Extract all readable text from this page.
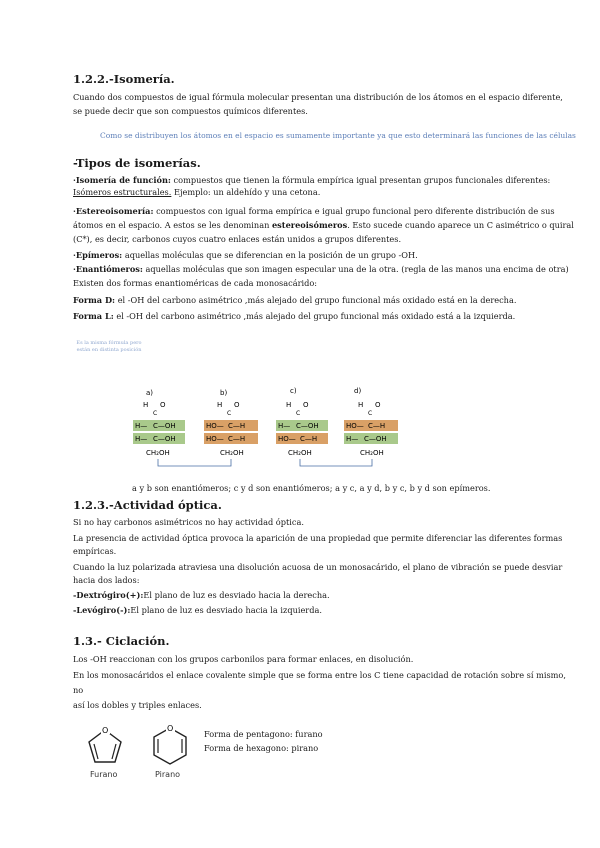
1.2.2.-Isomería.

Cuando dos compuestos de igual fórmula molecular presentan una distribución de los átomos en el espacio diferente,

se puede decir que son compuestos químicos diferentes.

Como se distribuyen los átomos en el espacio es sumamente importante ya que esto determinará las funciones de las células

-Tipos de isomerías.

·Isomería de función: compuestos que tienen la fórmula empírica igual presentan grupos funcionales diferentes:

Isómeros estructurales. Ejemplo: un aldehído y una cetona.

·Estereoisomería: compuestos con igual forma empírica e igual grupo funcional pero diferente distribución de sus

átomos en el espacio. A estos se les denominan estereoisómeros. Esto sucede cuando aparece un C asimétrico o quiral

(C*), es decir, carbonos cuyos cuatro enlaces están unidos a grupos diferentes.

·Epímeros: aquellas moléculas que se diferencian en la posición de un grupo -OH.

·Enantiómeros: aquellas moléculas que son imagen especular una de la otra. (regla de las manos una encima de otra)

Existen dos formas enantioméricas de cada monosacárido:

Forma D: el -OH del carbono asimétrico ,más alejado del grupo funcional más oxidado está en la derecha.

Forma L: el -OH del carbono asimétrico ,más alejado del grupo funcional más oxidado está a la izquierda.

Es la misma fórmula pero están en distinta posición

a)
H O
C
H— C—OH
H— C—OH
CH₂OH
b)
H O
C
HO— C—H
HO— C—H
CH₂OH
c)
H O
C
H— C—OH
HO— C—H
CH₂OH
d)
H O
C
HO— C—H
H— C—OH
CH₂OH

a y b son enantiómeros; c y d son enantiómeros; a y c, a y d, b y c, b y d son epímeros.

1.2.3.-Actividad óptica.

Si no hay carbonos asimétricos no hay actividad óptica.

La presencia de actividad óptica provoca la aparición de una propiedad que permite diferenciar las diferentes formas

empíricas.

Cuando la luz polarizada atraviesa una disolución acuosa de un monosacárido, el plano de vibración se puede desviar

hacia dos lados:

-Dextrógiro(+):El plano de luz es desviado hacia la derecha.

-Levógiro(-):El plano de luz es desviado hacia la izquierda.

1.3.- Ciclación.

Los -OH reaccionan con los grupos carbonilos para formar enlaces, en disolución.

En los monosacáridos el enlace covalente simple que se forma entre los C tiene capacidad de rotación sobre sí mismo,

no

así los dobles y triples enlaces.

O
Furano
O
Pirano

Forma de pentagono: furano

Forma de hexagono: pirano
